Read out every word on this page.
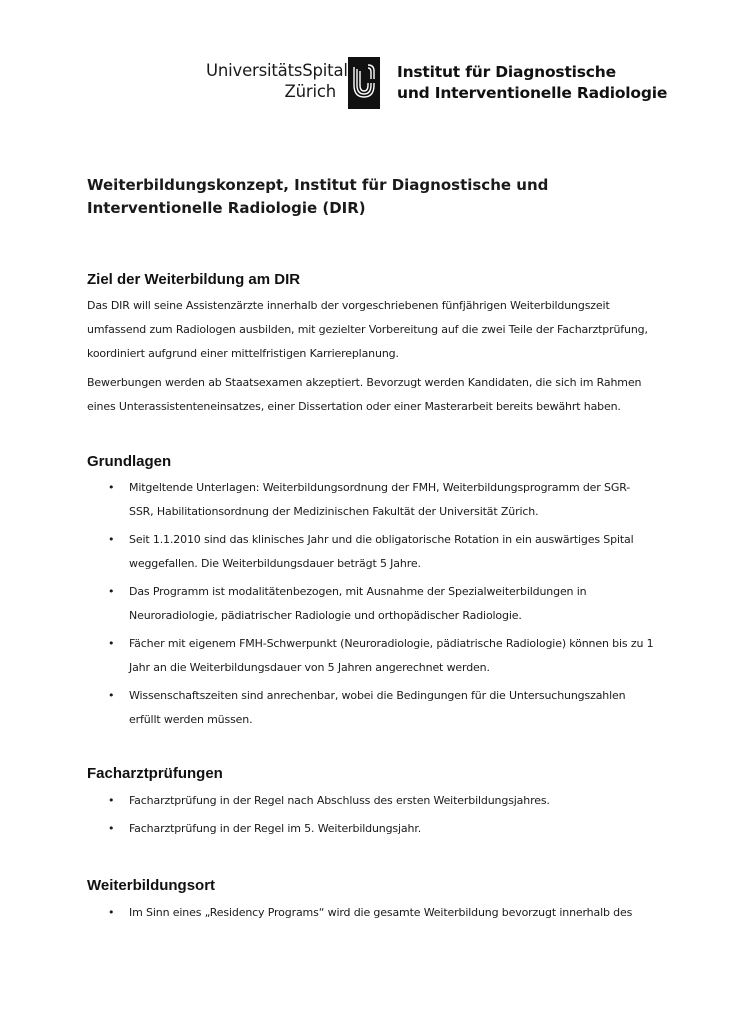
UniversitätsSpital
Zürich
Institut für Diagnostische
und Interventionelle Radiologie

Weiterbildungskonzept, Institut für Diagnostische und

Interventionelle Radiologie (DIR)

Ziel der Weiterbildung am DIR

Das DIR will seine Assistenzärzte innerhalb der vorgeschriebenen fünfjährigen Weiterbildungszeit

umfassend zum Radiologen ausbilden, mit gezielter Vorbereitung auf die zwei Teile der Facharztprüfung,

koordiniert aufgrund einer mittelfristigen Karriereplanung.

Bewerbungen werden ab Staatsexamen akzeptiert. Bevorzugt werden Kandidaten, die sich im Rahmen

eines Unterassistenteneinsatzes, einer Dissertation oder einer Masterarbeit bereits bewährt haben.

Grundlagen
• Mitgeltende Unterlagen: Weiterbildungsordnung der FMH, Weiterbildungsprogramm der SGR-
SSR, Habilitationsordnung der Medizinischen Fakultät der Universität Zürich.
• Seit 1.1.2010 sind das klinisches Jahr und die obligatorische Rotation in ein auswärtiges Spital
weggefallen. Die Weiterbildungsdauer beträgt 5 Jahre.
• Das Programm ist modalitätenbezogen, mit Ausnahme der Spezialweiterbildungen in
Neuroradiologie, pädiatrischer Radiologie und orthopädischer Radiologie.
• Fächer mit eigenem FMH-Schwerpunkt (Neuroradiologie, pädiatrische Radiologie) können bis zu 1
Jahr an die Weiterbildungsdauer von 5 Jahren angerechnet werden.
• Wissenschaftszeiten sind anrechenbar, wobei die Bedingungen für die Untersuchungszahlen
erfüllt werden müssen.
Facharztprüfungen
• Facharztprüfung in der Regel nach Abschluss des ersten Weiterbildungsjahres.
• Facharztprüfung in der Regel im 5. Weiterbildungsjahr.
Weiterbildungsort
• Im Sinn eines „Residency Programs“ wird die gesamte Weiterbildung bevorzugt innerhalb des
